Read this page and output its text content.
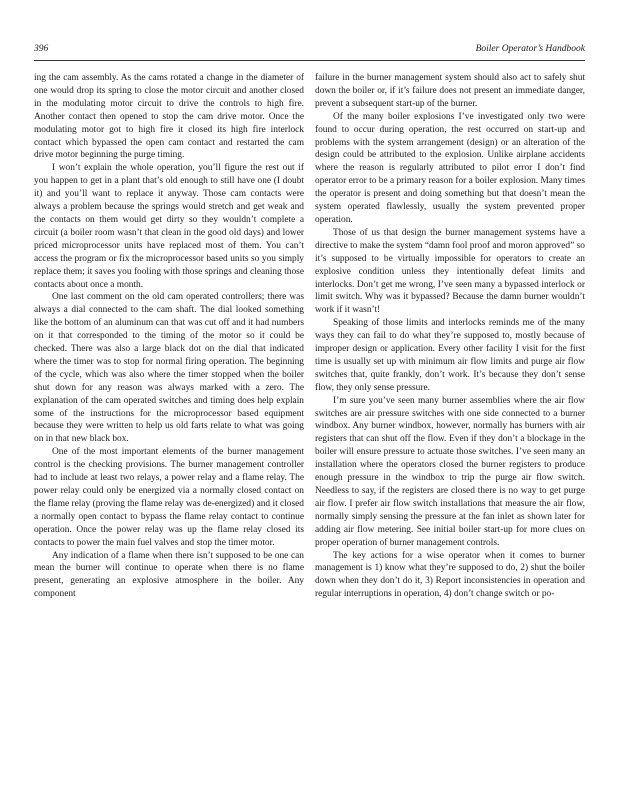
396	Boiler Operator’s Handbook

ing the cam assembly. As the cams rotated a change in the diameter of one would drop its spring to close the motor circuit and another closed in the modulating motor circuit to drive the controls to high fire. Another contact then opened to stop the cam drive motor. Once the modulating motor got to high fire it closed its high fire interlock contact which bypassed the open cam contact and restarted the cam drive motor beginning the purge timing.

I won’t explain the whole operation, you’ll figure the rest out if you happen to get in a plant that’s old enough to still have one (I doubt it) and you’ll want to replace it anyway. Those cam contacts were always a problem because the springs would stretch and get weak and the contacts on them would get dirty so they wouldn’t complete a circuit (a boiler room wasn’t that clean in the good old days) and lower priced microprocessor units have replaced most of them. You can’t access the program or fix the microprocessor based units so you simply replace them; it saves you fooling with those springs and cleaning those contacts about once a month.

One last comment on the old cam operated controllers; there was always a dial connected to the cam shaft. The dial looked something like the bottom of an aluminum can that was cut off and it had numbers on it that corresponded to the timing of the motor so it could be checked. There was also a large black dot on the dial that indicated where the timer was to stop for normal firing operation. The beginning of the cycle, which was also where the timer stopped when the boiler shut down for any reason was always marked with a zero. The explanation of the cam operated switches and timing does help explain some of the instructions for the microprocessor based equipment because they were written to help us old farts relate to what was going on in that new black box.

One of the most important elements of the burner management control is the checking provisions. The burner management controller had to include at least two relays, a power relay and a flame relay. The power relay could only be energized via a normally closed contact on the flame relay (proving the flame relay was de-energized) and it closed a normally open contact to bypass the flame relay contact to continue operation. Once the power relay was up the flame relay closed its contacts to power the main fuel valves and stop the timer motor.

Any indication of a flame when there isn’t supposed to be one can mean the burner will continue to operate when there is no flame present, generating an explosive atmosphere in the boiler. Any component

failure in the burner management system should also act to safely shut down the boiler or, if it’s failure does not present an immediate danger, prevent a subsequent start-up of the burner.

Of the many boiler explosions I’ve investigated only two were found to occur during operation, the rest occurred on start-up and problems with the system arrangement (design) or an alteration of the design could be attributed to the explosion. Unlike airplane accidents where the reason is regularly attributed to pilot error I don’t find operator error to be a primary reason for a boiler explosion. Many times the operator is present and doing something but that doesn’t mean the system operated flawlessly, usually the system prevented proper operation.

Those of us that design the burner management systems have a directive to make the system “damn fool proof and moron approved” so it’s supposed to be virtually impossible for operators to create an explosive condition unless they intentionally defeat limits and interlocks. Don’t get me wrong, I’ve seen many a bypassed interlock or limit switch. Why was it bypassed? Because the damn burner wouldn’t work if it wasn’t!

Speaking of those limits and interlocks reminds me of the many ways they can fail to do what they’re supposed to, mostly because of improper design or application. Every other facility I visit for the first time is usually set up with minimum air flow limits and purge air flow switches that, quite frankly, don’t work. It’s because they don’t sense flow, they only sense pressure.

I’m sure you’ve seen many burner assemblies where the air flow switches are air pressure switches with one side connected to a burner windbox. Any burner windbox, however, normally has burners with air registers that can shut off the flow. Even if they don’t a blockage in the boiler will ensure pressure to actuate those switches. I’ve seen many an installation where the operators closed the burner registers to produce enough pressure in the windbox to trip the purge air flow switch. Needless to say, if the registers are closed there is no way to get purge air flow. I prefer air flow switch installations that measure the air flow, normally simply sensing the pressure at the fan inlet as shown later for adding air flow metering. See initial boiler start-up for more clues on proper operation of burner management controls.

The key actions for a wise operator when it comes to burner management is 1) know what they’re supposed to do, 2) shut the boiler down when they don’t do it, 3) Report inconsistencies in operation and regular interruptions in operation, 4) don’t change switch or po-
